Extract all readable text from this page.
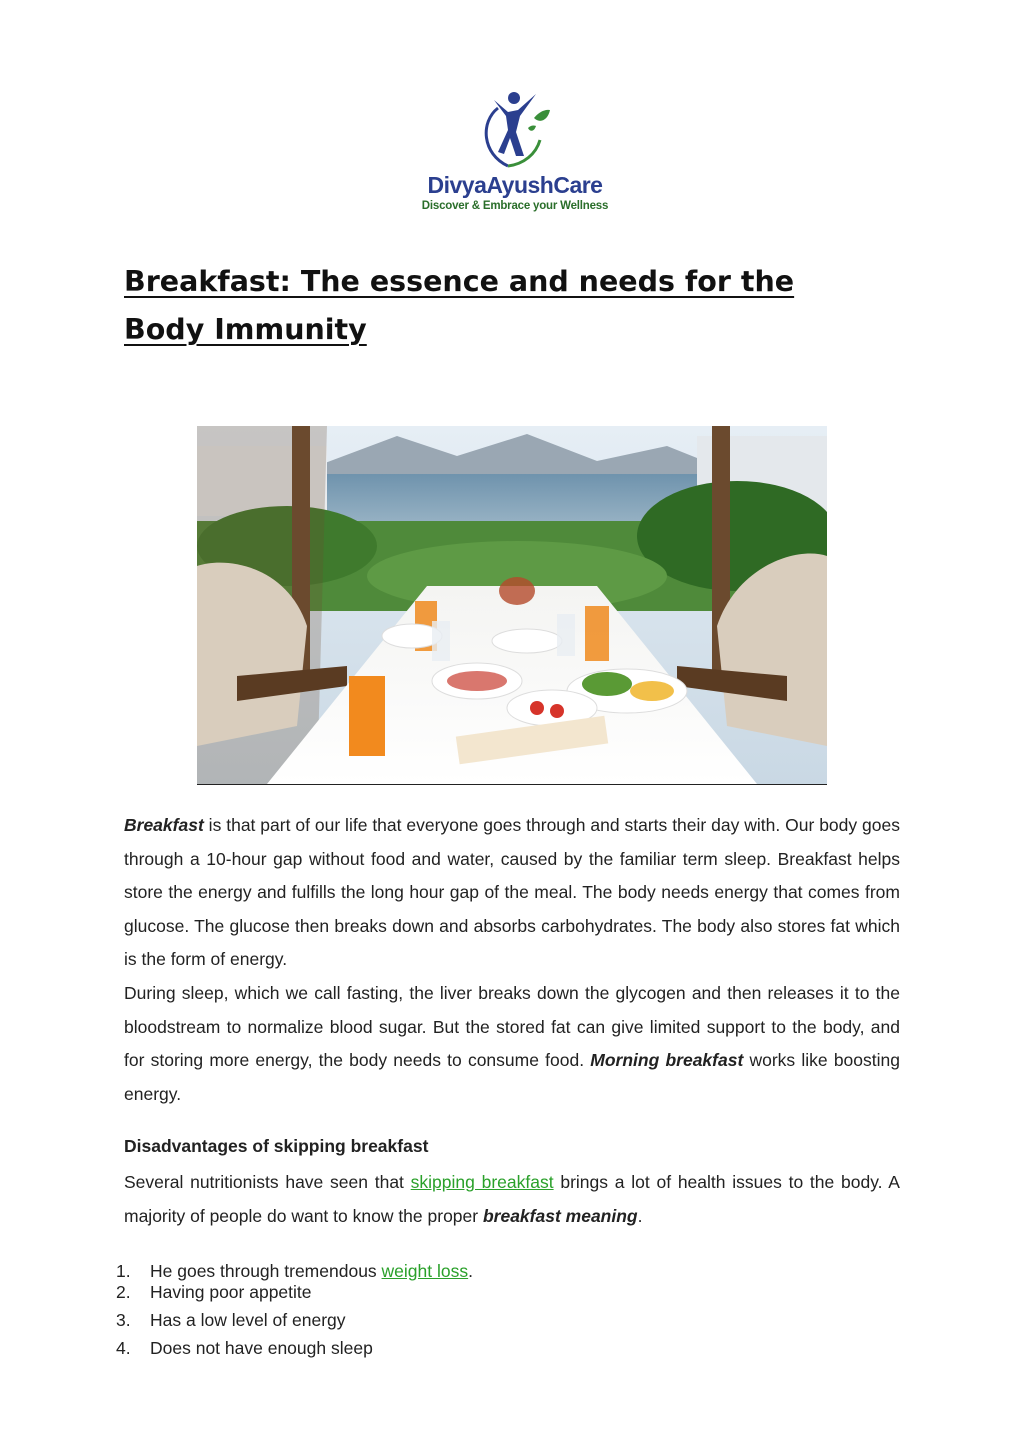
DivyaAyushCare
Discover & Embrace your Wellness
Breakfast: The essence and needs for the
Body Immunity

Breakfast is that part of our life that everyone goes through and starts their day with. Our body goes through a 10-hour gap without food and water, caused by the familiar term sleep. Breakfast helps store the energy and fulfills the long hour gap of the meal. The body needs energy that comes from glucose. The glucose then breaks down and absorbs carbohydrates. The body also stores fat which is the form of energy.

During sleep, which we call fasting, the liver breaks down the glycogen and then releases it to the bloodstream to normalize blood sugar. But the stored fat can give limited support to the body, and for storing more energy, the body needs to consume food. Morning breakfast works like boosting energy.

Disadvantages of skipping breakfast

Several nutritionists have seen that skipping breakfast brings a lot of health issues to the body. A majority of people do want to know the proper breakfast meaning.

1. He goes through tremendous weight loss.
2. Having poor appetite
3. Has a low level of energy
4. Does not have enough sleep
